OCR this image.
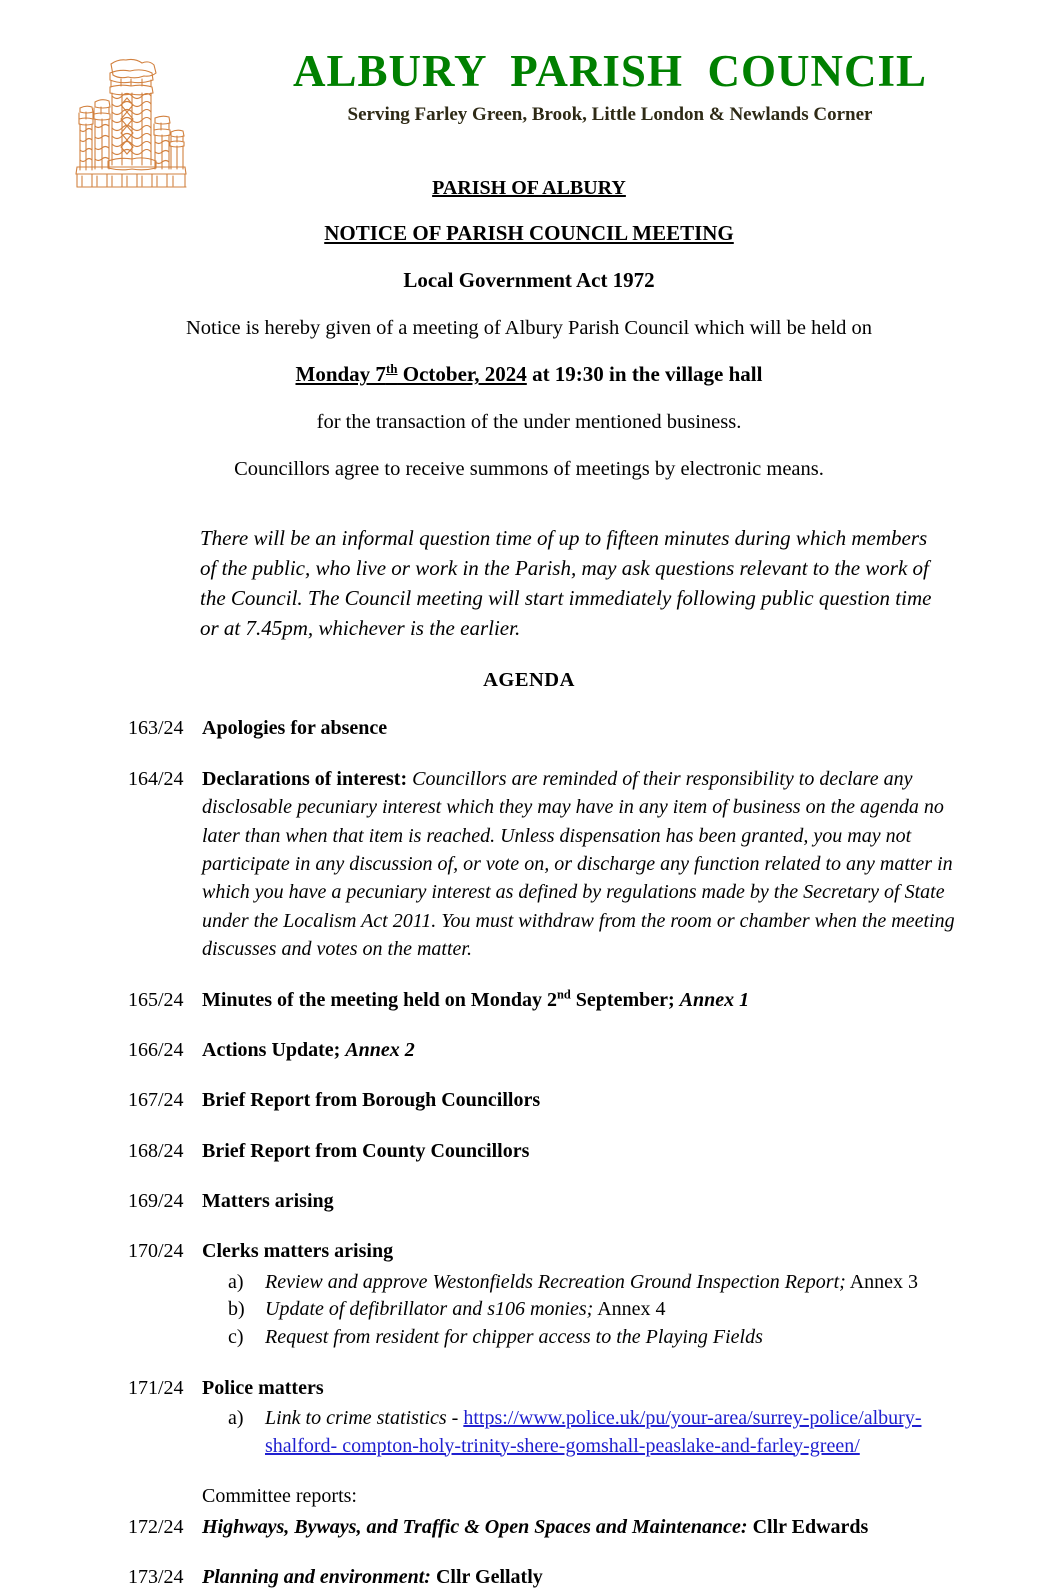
ALBURY  PARISH  COUNCIL
Serving Farley Green, Brook, Little London & Newlands Corner
PARISH OF ALBURY
NOTICE OF PARISH COUNCIL MEETING
Local Government Act 1972
Notice is hereby given of a meeting of Albury Parish Council which will be held on
Monday 7th October, 2024 at 19:30 in the village hall
for the transaction of the under mentioned business.
Councillors agree to receive summons of meetings by electronic means.
There will be an informal question time of up to fifteen minutes during which members of the public, who live or work in the Parish, may ask questions relevant to the work of the Council. The Council meeting will start immediately following public question time or at 7.45pm, whichever is the earlier.
AGENDA
163/24 Apologies for absence
164/24 Declarations of interest: Councillors are reminded of their responsibility to declare any disclosable pecuniary interest which they may have in any item of business on the agenda no later than when that item is reached. Unless dispensation has been granted, you may not participate in any discussion of, or vote on, or discharge any function related to any matter in which you have a pecuniary interest as defined by regulations made by the Secretary of State under the Localism Act 2011. You must withdraw from the room or chamber when the meeting discusses and votes on the matter.
165/24 Minutes of the meeting held on Monday 2nd September; Annex 1
166/24 Actions Update; Annex 2
167/24 Brief Report from Borough Councillors
168/24 Brief Report from County Councillors
169/24 Matters arising
170/24 Clerks matters arising
a)	Review and approve Westonfields Recreation Ground Inspection Report; Annex 3
b)	Update of defibrillator and s106 monies; Annex 4
c)	Request from resident for chipper access to the Playing Fields
171/24 Police matters
a)	Link to crime statistics - https://www.police.uk/pu/your-area/surrey-police/albury-shalford- compton-holy-trinity-shere-gomshall-peaslake-and-farley-green/
Committee reports:
172/24 Highways, Byways, and Traffic & Open Spaces and Maintenance: Cllr Edwards
173/24 Planning and environment: Cllr Gellatly
